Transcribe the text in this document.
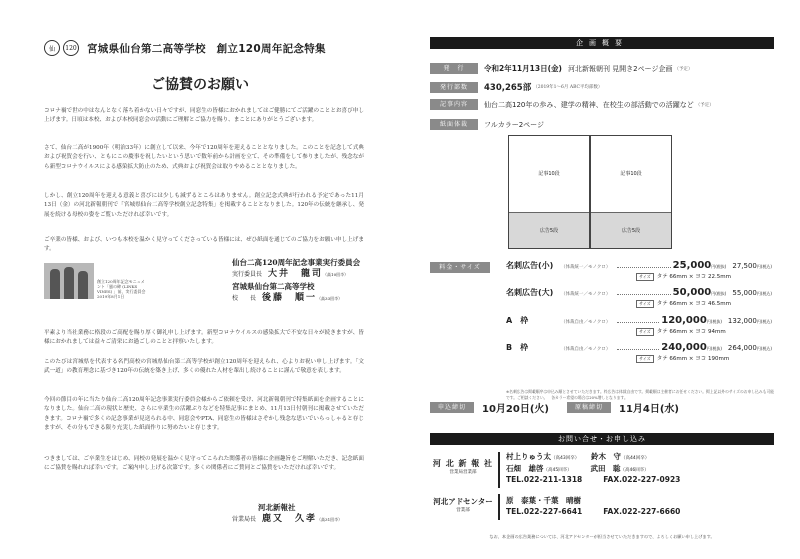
仙	120 宮城県仙台第二高等学校　創立120周年記念特集
ご協賛のお願い

コロナ禍で世の中はなんとなく落ち着かない日々ですが、同窓生の皆様におかれましてはご健勝にてご活躍のこととお喜び申し上げます。日頃は本校、および本校同窓会の活動にご理解とご協力を賜り、まことにありがとうございます。

さて、仙台二高が1900年（明治33年）に創立して以来、今年で120周年を迎えることとなりました。このことを記念して式典および祝賀会を行い、ともにこの慶事を祝したいという思いで数年前から計画を立て、その準備をして参りましたが、残念ながら新型コロナウイルスによる感染拡大防止のため、式典および祝賀会は取りやめることとなりました。

しかし、創立120周年を迎える意義と喜びには少しも減ずるところはありません。創立記念式典が行われる予定であった11月13日（金）の河北新報朝刊で「宮城県仙台二高等学校創立記念特集」を掲載することとなりました。120年の伝統を継承し、発展を続ける母校の姿をご覧いただければ幸いです。

ご卒業の皆様、および、いつも本校を温かく見守ってくださっている皆様には、ぜひ紙面を通じてのご協力をお願い申し上げます。

創立120周年記念モニュメント「風の碑 (LINKS VINES) 」前、実行委員会 2019年8月1日
仙台二高120周年記念事業実行委員会
実行委員長　 大井　龍司（高10回卒）
宮城県仙台第二高等学校
校　　長　 後藤　順一（高33回卒）

平素より当社業務に格段のご高配を賜り厚く御礼申し上げます。新型コロナウイルスの感染拡大で不安な日々が続きますが、皆様におかれましては益々ご清栄にお過ごしのことと拝察いたします。

このたびは宮城県を代表する名門高校の宮城県仙台第二高等学校が創立120周年を迎えられ、心よりお祝い申し上げます。「文武一道」の教育理念に基づき120年の伝統を築き上げ、多くの優れた人材を輩出し続けることに謹んで敬意を表します。

今回の節目の年に当たり仙台二高120周年記念事業実行委員会様からご依頼を受け、河北新報朝刊で特集紙面を企画することになりました。仙台二高の現状と歴史、さらに卒業生の活躍ぶりなどを特集記事にまとめ、11月13日付朝刊に掲載させていただきます。コロナ禍で多くの記念事業が見送られる中、同窓会やPTA、同窓生の皆様はさぞかし残念な思いでいらっしゃると存じますが、その分もできる限り充実した紙面作りに努めたいと存じます。

つきましては、ご卒業生をはじめ、同校の発展を温かく見守ってこられた関係者の皆様に企画趣旨をご理解いただき、記念紙面にご協賛を賜れれば幸いです。ご案内申し上げる次第です。多くの関係者にご賛同とご協賛をいただければ幸いです。

河北新報社
営業局長　 鹿又　久孝（高31回卒）
企画概要
発　行	令和2年11月13日(金) 河北新報朝刊 見開き2ページ企画 （予定）
発行部数	430,265部 （2019年1〜6月 ABC平均部数）
記事内容	仙台二高120年の歩み、建学の精神、在校生の部活動での活躍など （予定）
紙面体裁	フルカラー2ページ
記事10段
広告5段
記事10段
広告5段
料金・サイズ	名刺広告(小)	（体裁統一／モノクロ）	25,000円(税抜) 27,500円(税込)
サイズ タテ 66mm × ヨコ 22.5mm
名刺広告(大)	（体裁統一／モノクロ）	50,000円(税抜) 55,000円(税込)
サイズ タテ 66mm × ヨコ 46.5mm
A　枠	（体裁自由／モノクロ）	120,000円(税抜) 132,000円(税込)
サイズ タテ 66mm × ヨコ 94mm
B　枠	（体裁自由／モノクロ）	240,000円(税抜) 264,000円(税込)
サイズ タテ 66mm × ヨコ 190mm
※名刺広告は掲載順序は申込み順とさせていただきます。枠広告は体裁自由です。掲載順は主催者にお任せください。掲上記以外のサイズのお申し込みも可能です。ご相談ください。　各カラー希望の場合は20%増しとなります。
申込締切	10月20日(火)	原稿締切	11月4日(水)
お問い合せ・お申し込み
河 北 新 報 社
営業局営業部
村上りゅう太（高43回卒）　　 鈴木　守（高44回卒）
石畑　雄啓（高45回卒）　　　	武田　聡（高46回卒）
TEL.022-211-1318　　　	FAX.022-227-0923
河北アドセンター
営業部
原　泰葉・千葉　晴樹
TEL.022-227-6641　　　	FAX.022-227-6660
なお、本企画の広告業務については、河北アドセンターが担当させていただきますので、よろしくお願い申し上げます。
